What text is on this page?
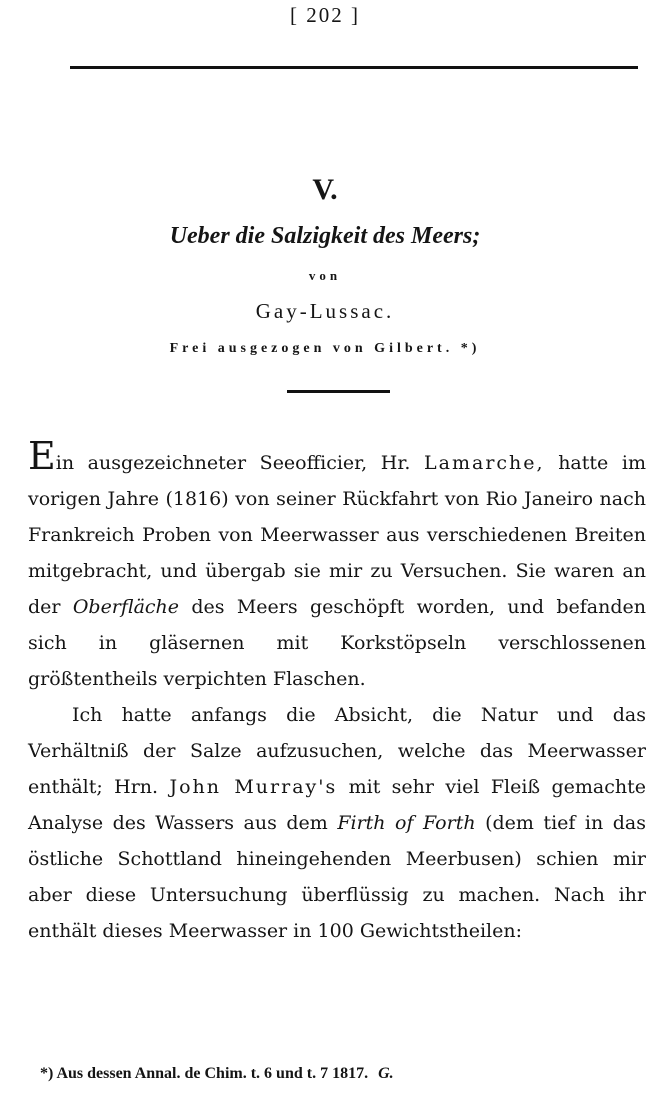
[ 202 ]
V.
Ueber die Salzigkeit des Meers;
von
Gay-Lussac.
Frei ausgezogen von Gilbert. *)

Ein ausgezeichneter Seeofficier, Hr. Lamarche, hatte im vorigen Jahre (1816) von seiner Rückfahrt von Rio Janeiro nach Frankreich Proben von Meerwasser aus verschiedenen Breiten mitgebracht, und übergab sie mir zu Versuchen. Sie waren an der Oberfläche des Meers geschöpft worden, und befanden sich in gläsernen mit Korkstöpseln verschlossenen größtentheils verpichten Flaschen.

Ich hatte anfangs die Absicht, die Natur und das Verhältniß der Salze aufzusuchen, welche das Meerwasser enthält; Hrn. John Murray's mit sehr viel Fleiß gemachte Analyse des Wassers aus dem Firth of Forth (dem tief in das östliche Schottland hineingehenden Meerbusen) schien mir aber diese Untersuchung überflüssig zu machen. Nach ihr enthält dieses Meerwasser in 100 Gewichtstheilen:

*) Aus dessen Annal. de Chim. t. 6 und t. 7 1817. G.
